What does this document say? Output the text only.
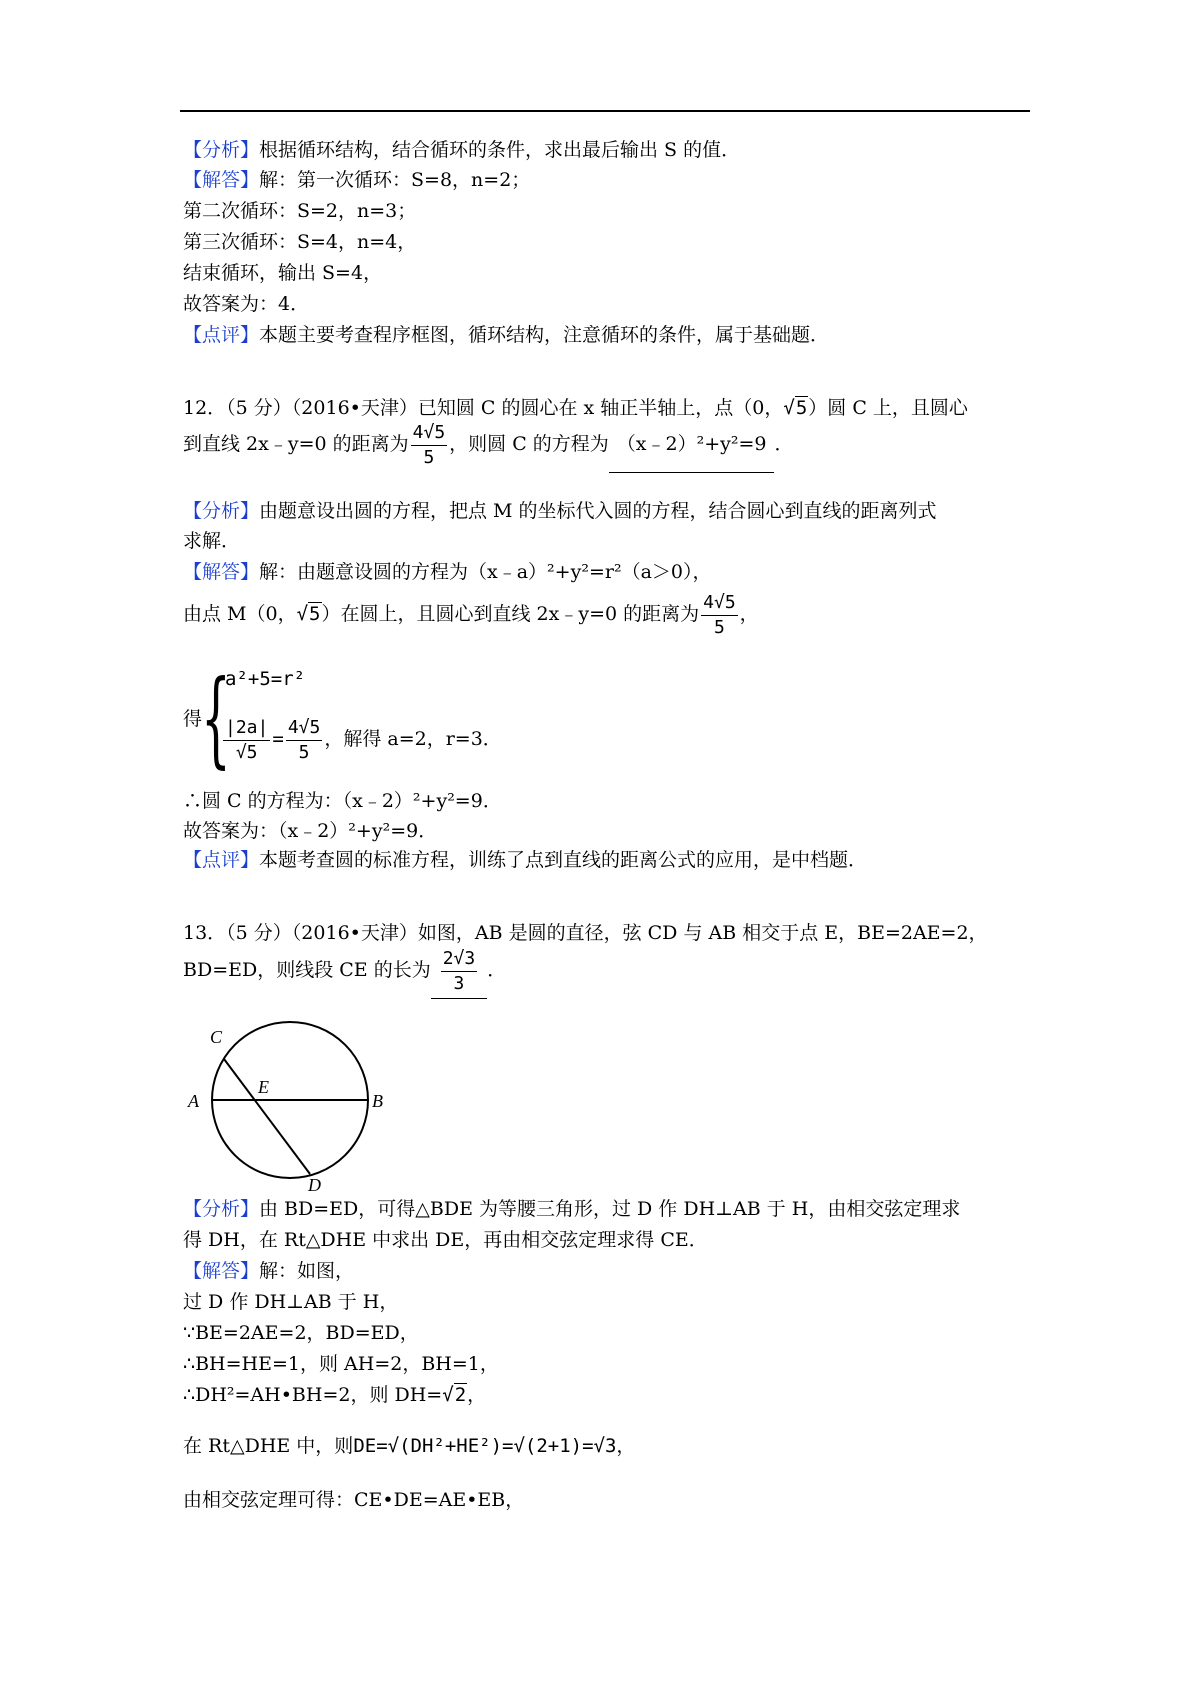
【分析】根据循环结构，结合循环的条件，求出最后输出 S 的值．
【解答】解：第一次循环：S=8，n=2；
第二次循环：S=2，n=3；
第三次循环：S=4，n=4，
结束循环，输出 S=4，
故答案为：4．
【点评】本题主要考查程序框图，循环结构，注意循环的条件，属于基础题．
12．（5 分）（2016•天津）已知圆 C 的圆心在 x 轴正半轴上，点（0，√5）圆 C 上，且圆心
到直线 2x﹣y=0 的距离为 $\frac{4√5}{5}$ ，则圆 C 的方程为 （x﹣2）²+y²=9 ．
【分析】由题意设出圆的方程，把点 M 的坐标代入圆的方程，结合圆心到直线的距离列式
求解．
【解答】解：由题意设圆的方程为（x﹣a）²+y²=r²（a＞0），
由点 M（0，√5）在圆上，且圆心到直线 2x﹣y=0 的距离为 $\frac{4√5}{5}$ ，
得
{
a²+5=r²
$\frac{|2a|}{√5} = \frac{4√5}{5}$ ，解得 a=2，r=3．
∴圆 C 的方程为：（x﹣2）²+y²=9．
故答案为：（x﹣2）²+y²=9．
【点评】本题考查圆的标准方程，训练了点到直线的距离公式的应用，是中档题．
13．（5 分）（2016•天津）如图，AB 是圆的直径，弦 CD 与 AB 相交于点 E，BE=2AE=2，
BD=ED，则线段 CE 的长为 $\frac{2√3}{3}$ ．
C
A
E
B
D
【分析】由 BD=ED，可得△BDE 为等腰三角形，过 D 作 DH⊥AB 于 H，由相交弦定理求
得 DH，在 Rt△DHE 中求出 DE，再由相交弦定理求得 CE．
【解答】解：如图，
过 D 作 DH⊥AB 于 H，
∵BE=2AE=2，BD=ED，
∴BH=HE=1，则 AH=2，BH=1，
∴DH²=AH•BH=2，则 DH=√2，
在 Rt△DHE 中，则DE=√(DH²+HE²)=√(2+1)=√3，
由相交弦定理可得：CE•DE=AE•EB，
